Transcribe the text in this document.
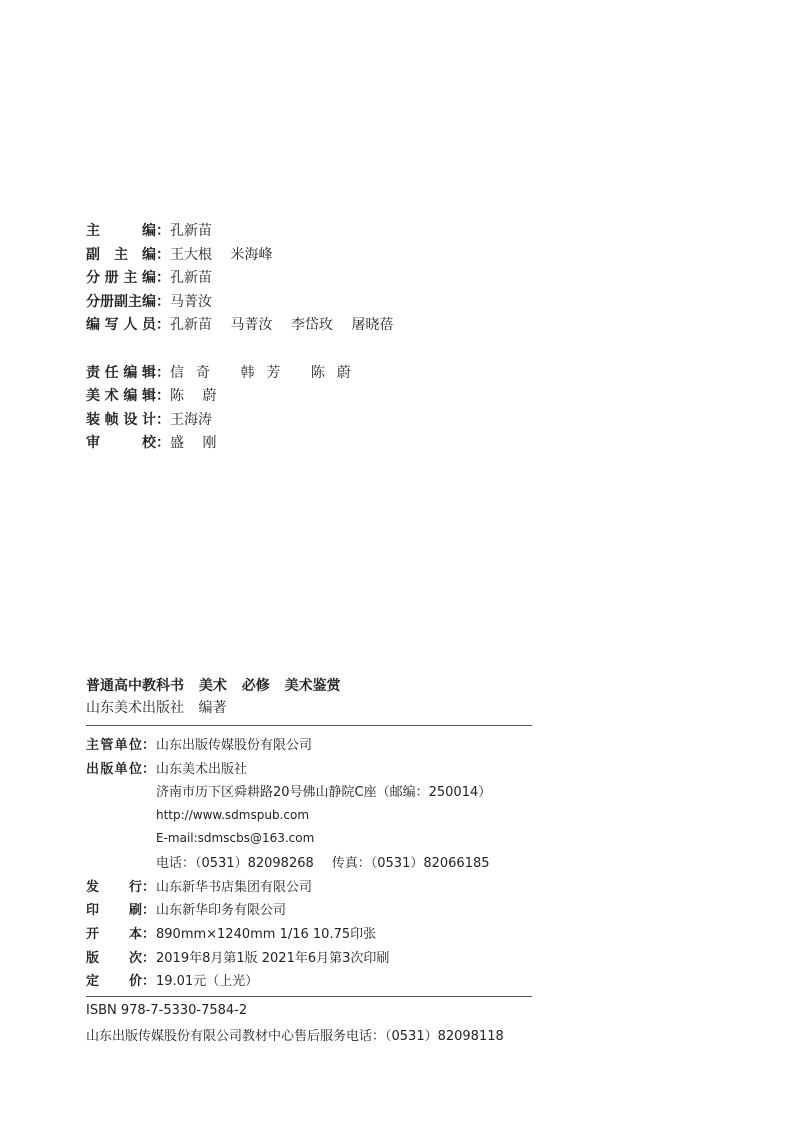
主编 ： 孔新苗
副主编 ： 王大根 米海峰
分册主编 ： 孔新苗
分册副主编 ： 马菁汝
编写人员 ： 孔新苗 马菁汝 李岱玫 屠晓蓓
责任编辑 ： 信奇 韩芳 陈蔚
美术编辑 ： 陈 蔚
装帧设计 ： 王海涛
审校 ： 盛 刚
普通高中教科书 美术 必修 美术鉴赏
山东美术出版社 编著
主管单位 ： 山东出版传媒股份有限公司
出版单位 ： 山东美术出版社
济南市历下区舜耕路20号佛山静院C座（邮编：250014）
http://www.sdmspub.com
E-mail:sdmscbs@163.com
电话：（0531）82098268 传真：（0531）82066185
发行 ： 山东新华书店集团有限公司
印刷 ： 山东新华印务有限公司
开本 ： 890mm×1240mm 1/16 10.75印张
版次 ： 2019年8月第1版 2021年6月第3次印刷
定价 ： 19.01元（上光）
ISBN 978-7-5330-7584-2
山东出版传媒股份有限公司教材中心售后服务电话：（0531）82098118
